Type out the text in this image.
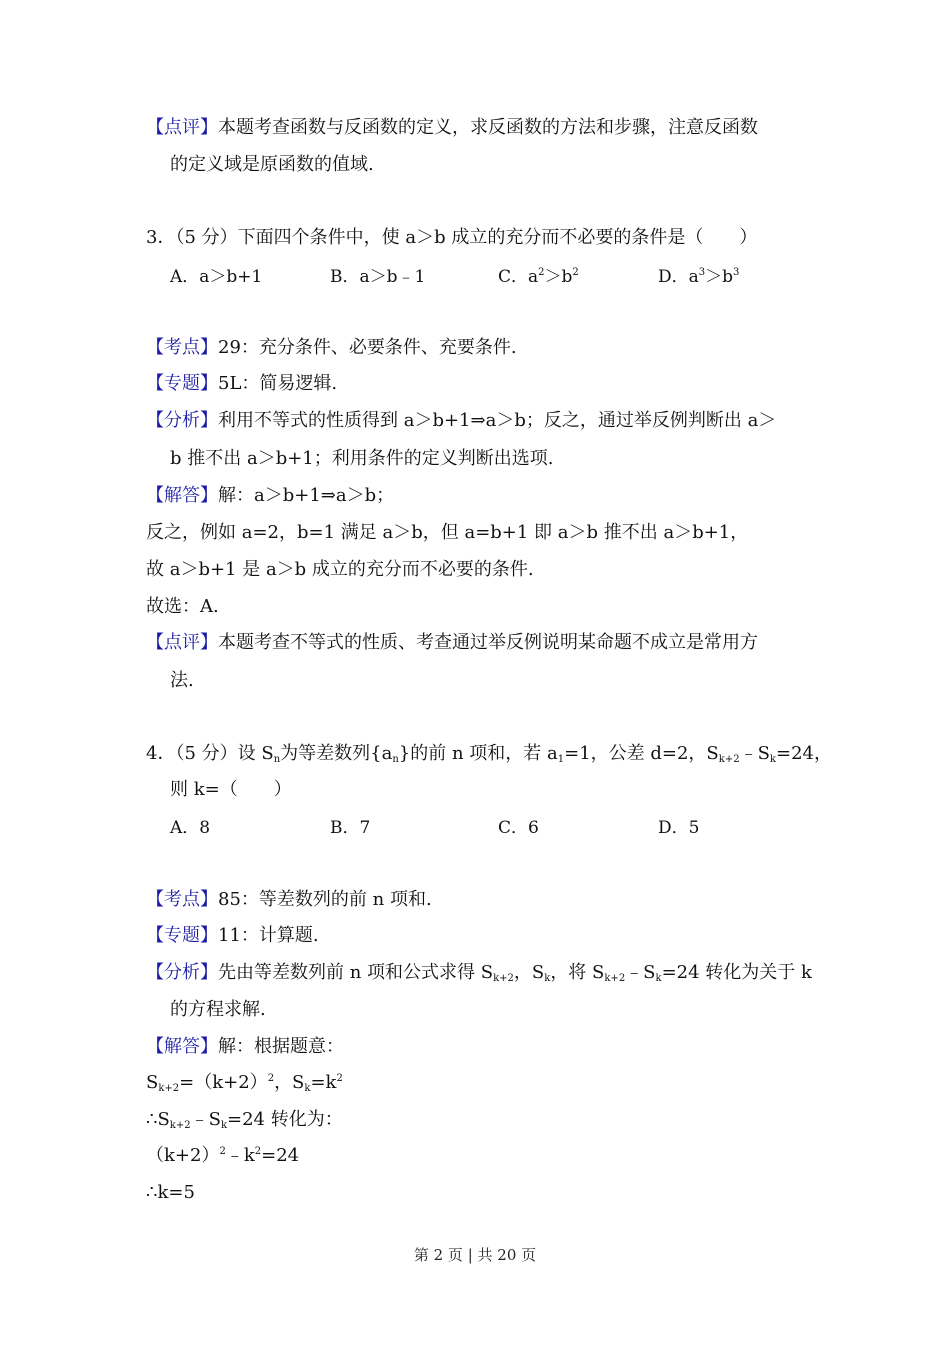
【点评】本题考查函数与反函数的定义，求反函数的方法和步骤，注意反函数
的定义域是原函数的值域.
3．（5 分）下面四个条件中，使 a＞b 成立的充分而不必要的条件是（　　）
A．a＞b+1	B．a＞b﹣1	C．$a^2>b^2$	D．$a^3>b^3$
【考点】29：充分条件、必要条件、充要条件.
【专题】5L：简易逻辑.
【分析】利用不等式的性质得到 a＞b+1⇒a＞b；反之，通过举反例判断出 a＞
b 推不出 a＞b+1；利用条件的定义判断出选项.
【解答】解：a＞b+1⇒a＞b；
反之，例如 a=2，b=1 满足 a＞b，但 a=b+1 即 a＞b 推不出 a＞b+1，
故 a＞b+1 是 a＞b 成立的充分而不必要的条件.
故选：A.
【点评】本题考查不等式的性质、考查通过举反例说明某命题不成立是常用方
法.
4．（5 分）设 $S_n$为等差数列$\{a_n\}$的前 n 项和，若 $a_1=1$，公差 d=2，$S_{k+2}﹣S_k=24$，
则 k=（　　）
A．8	B．7	C．6	D．5
【考点】85：等差数列的前 n 项和.
【专题】11：计算题.
【分析】先由等差数列前 n 项和公式求得 $S_{k+2}$，$S_k$，将 $S_{k+2}﹣S_k=24$ 转化为关于 k
的方程求解.
【解答】解：根据题意：
$S_{k+2}=(k+2)^2$，$S_k=k^2$
$\therefore S_{k+2}﹣S_k=24$ 转化为：
$(k+2)^2﹣k^2=24$
∴k=5
第 2 页 | 共 20 页
